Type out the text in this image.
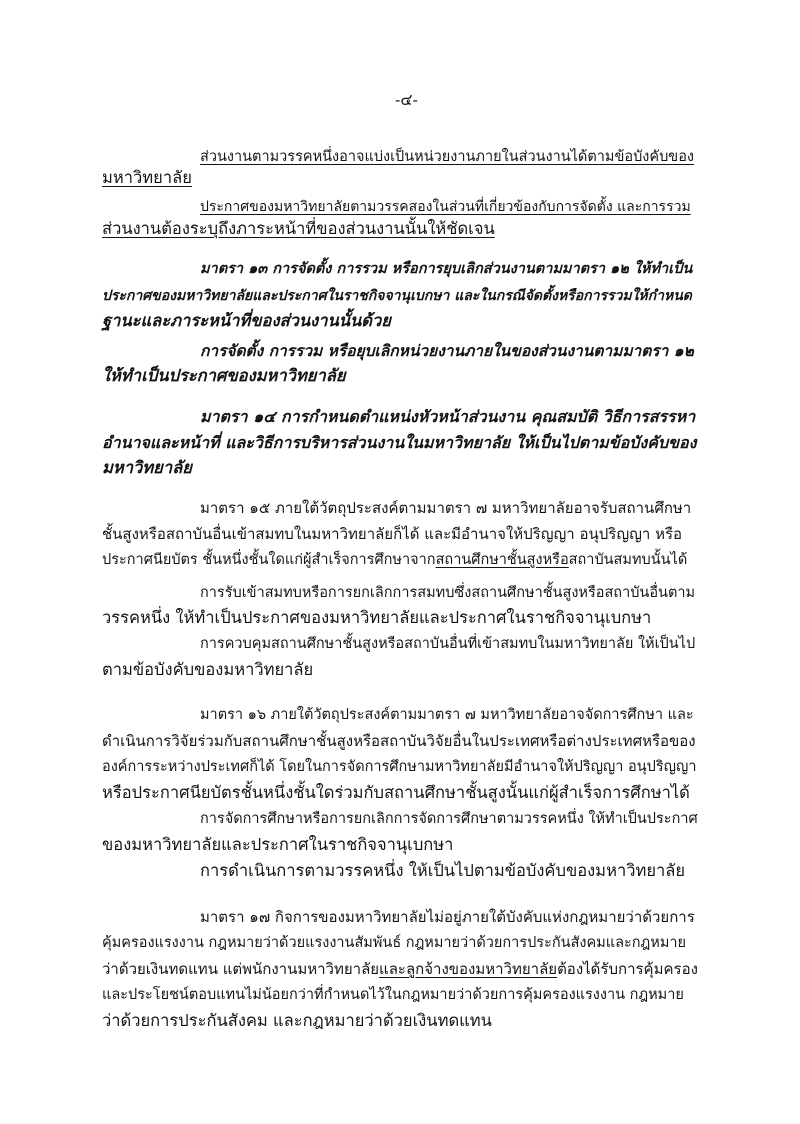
-๔-
ส่วนงานตามวรรคหนึ่งอาจแบ่งเป็นหน่วยงานภายในส่วนงานได้ตามข้อบังคับของ
มหาวิทยาลัย
ประกาศของมหาวิทยาลัยตามวรรคสองในส่วนที่เกี่ยวข้องกับการจัดตั้ง และการรวม
ส่วนงานต้องระบุถึงภาระหน้าที่ของส่วนงานนั้นให้ชัดเจน
มาตรา ๑๓ การจัดตั้ง การรวม หรือการยุบเลิกส่วนงานตามมาตรา ๑๒ ให้ทำเป็น
ประกาศของมหาวิทยาลัยและประกาศในราชกิจจานุเบกษา และในกรณีจัดตั้งหรือการรวมให้กำหนด
ฐานะและภาระหน้าที่ของส่วนงานนั้นด้วย
การจัดตั้ง การรวม หรือยุบเลิกหน่วยงานภายในของส่วนงานตามมาตรา ๑๒
ให้ทำเป็นประกาศของมหาวิทยาลัย
มาตรา ๑๔ การกำหนดตำแหน่งหัวหน้าส่วนงาน คุณสมบัติ วิธีการสรรหา
อำนาจและหน้าที่ และวิธีการบริหารส่วนงานในมหาวิทยาลัย ให้เป็นไปตามข้อบังคับของ
มหาวิทยาลัย
มาตรา ๑๕ ภายใต้วัตถุประสงค์ตามมาตรา ๗ มหาวิทยาลัยอาจรับสถานศึกษา
ชั้นสูงหรือสถาบันอื่นเข้าสมทบในมหาวิทยาลัยก็ได้ และมีอำนาจให้ปริญญา อนุปริญญา หรือ
ประกาศนียบัตร ชั้นหนึ่งชั้นใดแก่ผู้สำเร็จการศึกษาจากสถานศึกษาชั้นสูงหรือสถาบันสมทบนั้นได้
การรับเข้าสมทบหรือการยกเลิกการสมทบซึ่งสถานศึกษาชั้นสูงหรือสถาบันอื่นตาม
วรรคหนึ่ง ให้ทำเป็นประกาศของมหาวิทยาลัยและประกาศในราชกิจจานุเบกษา
การควบคุมสถานศึกษาชั้นสูงหรือสถาบันอื่นที่เข้าสมทบในมหาวิทยาลัย ให้เป็นไป
ตามข้อบังคับของมหาวิทยาลัย
มาตรา ๑๖ ภายใต้วัตถุประสงค์ตามมาตรา ๗ มหาวิทยาลัยอาจจัดการศึกษา และ
ดำเนินการวิจัยร่วมกับสถานศึกษาชั้นสูงหรือสถาบันวิจัยอื่นในประเทศหรือต่างประเทศหรือของ
องค์การระหว่างประเทศก็ได้ โดยในการจัดการศึกษามหาวิทยาลัยมีอำนาจให้ปริญญา อนุปริญญา
หรือประกาศนียบัตรชั้นหนึ่งชั้นใดร่วมกับสถานศึกษาชั้นสูงนั้นแก่ผู้สำเร็จการศึกษาได้
การจัดการศึกษาหรือการยกเลิกการจัดการศึกษาตามวรรคหนึ่ง ให้ทำเป็นประกาศ
ของมหาวิทยาลัยและประกาศในราชกิจจานุเบกษา
การดำเนินการตามวรรคหนึ่ง ให้เป็นไปตามข้อบังคับของมหาวิทยาลัย
มาตรา ๑๗ กิจการของมหาวิทยาลัยไม่อยู่ภายใต้บังคับแห่งกฎหมายว่าด้วยการ
คุ้มครองแรงงาน กฎหมายว่าด้วยแรงงานสัมพันธ์ กฎหมายว่าด้วยการประกันสังคมและกฎหมาย
ว่าด้วยเงินทดแทน แต่พนักงานมหาวิทยาลัยและลูกจ้างของมหาวิทยาลัยต้องได้รับการคุ้มครอง
และประโยชน์ตอบแทนไม่น้อยกว่าที่กำหนดไว้ในกฎหมายว่าด้วยการคุ้มครองแรงงาน กฎหมาย
ว่าด้วยการประกันสังคม และกฎหมายว่าด้วยเงินทดแทน
